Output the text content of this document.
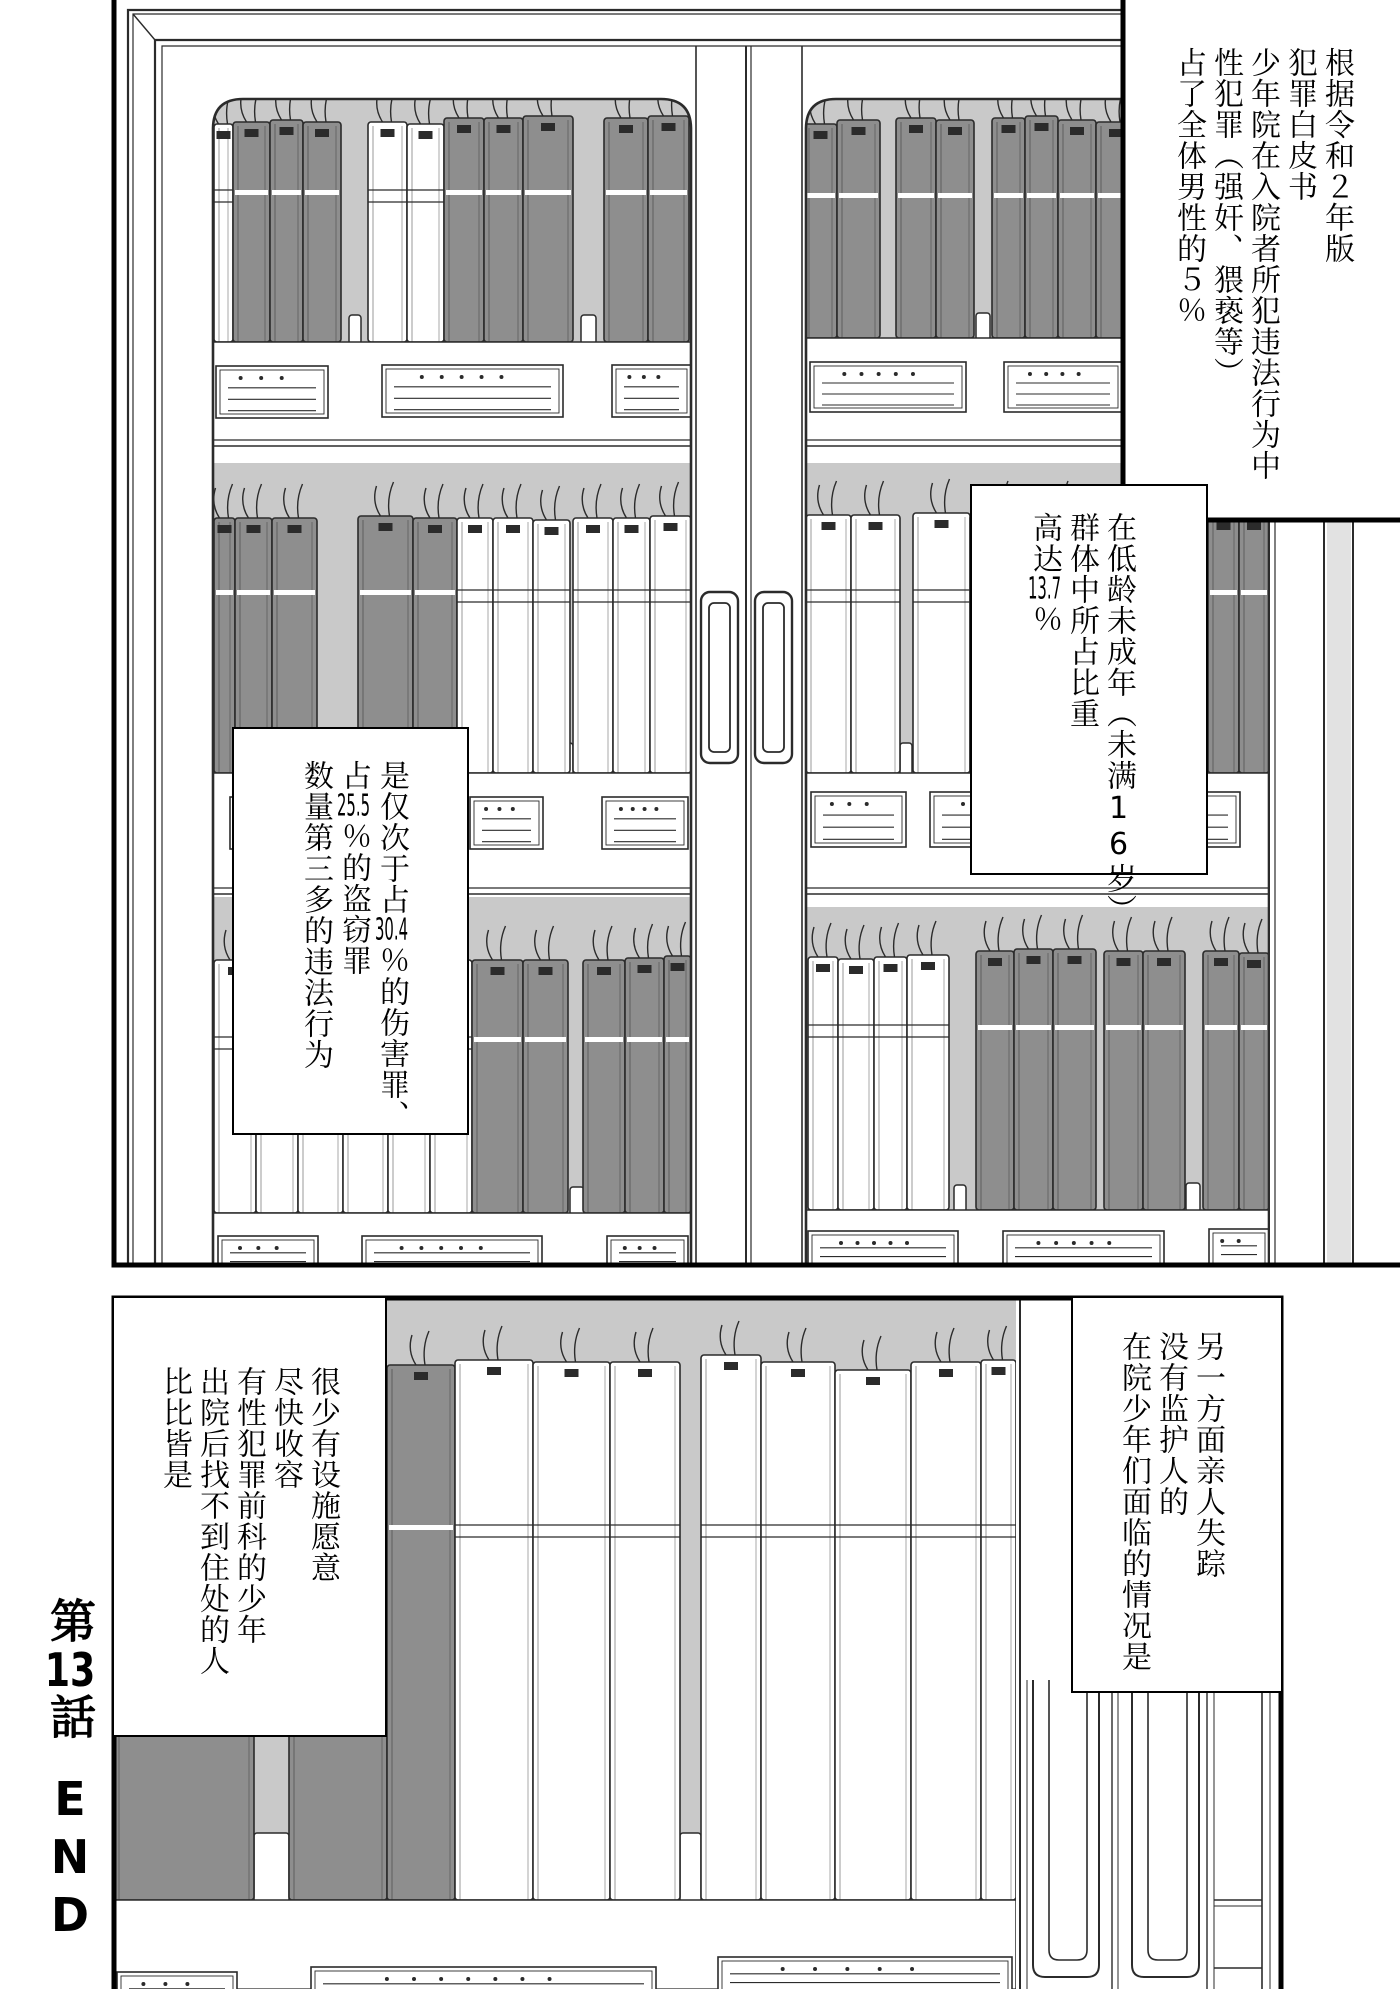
根据令和２年版
犯罪白皮书
少年院在入院者所犯违法行为中
性犯罪（强奸、猥亵等）
占了全体男性的５％
在低龄未成年（未满16岁）
群体中所占比重
高达13.7％
是仅次于占30.4％的伤害罪、
占25.5％的盗窃罪
数量第三多的违法行为
很少有设施愿意
尽快收容
有性犯罪前科的少年
出院后找不到住处的人
比比皆是	另一方面亲人失踪
没有监护人的
在院少年们面临的情况是
第13話
END
